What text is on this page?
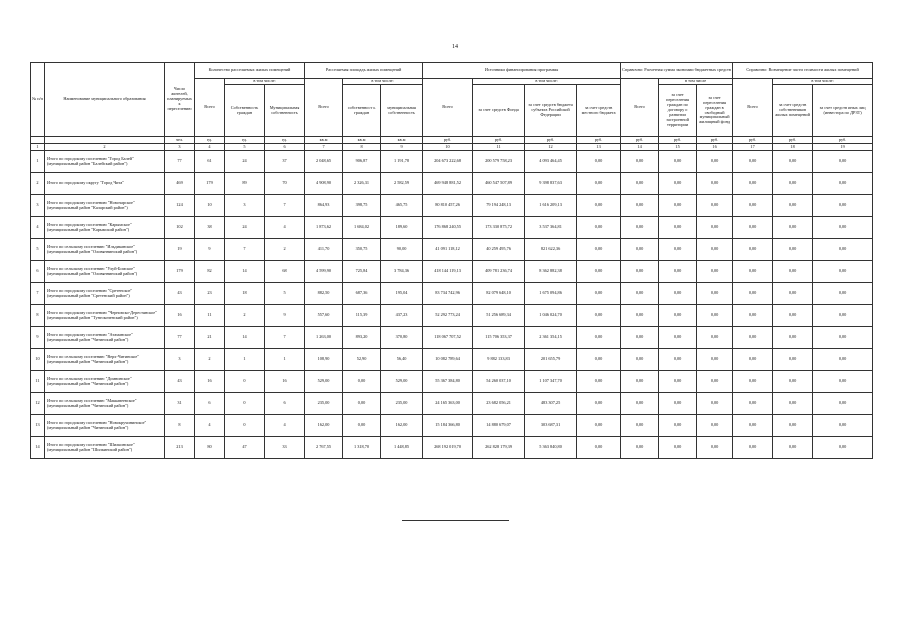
14
№ п/п	Наименование муниципального образования	Число жителей, планируемых к переселению	Количество расселяемых жилых помещений			Расселяемая площадь жилых помещений			Источники финансирования программы				Справочно: Расчетная сумма экономии бюджетных средств			Справочно: Возмещение части стоимости жилых помещений		
			Всего	в том числе:		Всего	в том числе:		Всего	в том числе:			Всего	в том числе		Всего	в том числе:	
				Собственность граждан	Муниципальная собственность		собственност ь граждан	муниципальная собственность		за счет средств Фонда	за счет средств бюджета субъекта Российской Федерации	за счет средств местного бюджета		за счет переселения граждан по договору о развитии застроенной территории	за счет переселения граждан в свободный муниципальный жилищный фонд		за счет средств собственников жилых помещений	за счет средств иных лиц (инвестора по ДРЗТ)
		чел.	ед.	ед.	ед.	кв.м	кв.м	кв.м	руб.	руб.	руб.	руб.	руб.	руб.	руб.	руб.	руб.	руб.
1	2	3	4	5	6	7	8	9	10	11	12	13	14	15	16	17	18	19
1	Итого по городскому поселению "Город Балей" (муниципальный район "Балейский район")	77	61	24	37	2 048,65	906,87	1 191,78	204 673 222,68	200 579 758,23	4 093 464,45	0,00	0,00	0,00	0,00	0,00	0,00	0,00
2	Итого по городскому округу "Город Чита"	469	179	89	70	4 908,90	2 326,31	2 582,59	469 948 881,52	460 547 507,89	9 398 837,63	0,00	0,00	0,00	0,00	0,00	0,00	0,00
3	Итого по городскому поселению "Новочарское" (муниципальный район "Каларский район")	124	10	3	7	864,93	398,75	465,75	80 810 457,26	79 194 248,13	1 616 209,13	0,00	0,00	0,00	0,00	0,00	0,00	0,00
4	Итого по городскому поселению "Карымское" (муниципальный район "Карымский район")	102	38	24	4	1 873,62	1 684,02	189,60	176 868 240,55	173 330 875,72	3 537 364,81	0,00	0,00	0,00	0,00	0,00	0,00	0,00
5	Итого по сельскому поселению "Ильдиканское" (муниципальный район "Оловяннинский район")	19	9	7	2	411,70	350,75	90,00	41 091 118,12	40 259 495,76	821 622,36	0,00	0,00	0,00	0,00	0,00	0,00	0,00
6	Итого по сельскому поселению "Улуй-Бомское" (муниципальный район "Оловяннинский район")	179	82	14	68	4 599,90	725,84	3 784,36	418 144 119,13	409 781 236,74	8 362 882,38	0,00	0,00	0,00	0,00	0,00	0,00	0,00
7	Итого по городскому поселению "Сретенское" (муниципальный район "Сретенский район")	43	23	18	5	882,50	687,36	195,04	83 734 742,96	82 079 648,10	1 675 094,86	0,00	0,00	0,00	0,00	0,00	0,00	0,00
8	Итого по городскому поселению "Черновско-Дерестянское" (муниципальный район "Тунгокоченский район")	16	11	2	9	557,60	115,39	437,23	52 292 773,24	51 256 689,34	1 046 024,70	0,00	0,00	0,00	0,00	0,00	0,00	0,00
9	Итого по городскому поселению "Атаманское" (муниципальный район "Читинский район")	77	21	14	7	1 263,00	893,20	370,80	118 067 707,52	115 706 353,37	2 361 354,15	0,00	0,00	0,00	0,00	0,00	0,00	0,00
10	Итого по сельскому поселению "Верх-Читинское" (муниципальный район "Читинский район")	3	2	1	1	108,90	52,90	56,40	10 082 789,64	9 882 133,83	201 655,79	0,00	0,00	0,00	0,00	0,00	0,00	0,00
11	Итого по сельскому поселению "Домнинское" (муниципальный район "Читинский район")	43	16	0	16	529,00	0,00	529,00	55 367 384,80	54 260 037,10	1 107 347,70	0,00	0,00	0,00	0,00	0,00	0,00	0,00
12	Итого по сельскому поселению "Маккавеевское" (муниципальный район "Читинский район")	31	6	0	6	235,00	0,00	235,00	24 165 363,00	23 682 056,21	483 307,25	0,00	0,00	0,00	0,00	0,00	0,00	0,00
13	Итого по городскому поселению "Новокручининское" (муниципальный район "Читинский район")	8	4	0	4	162,00	0,00	162,00	15 184 366,80	14 880 679,07	303 687,31	0,00	0,00	0,00	0,00	0,00	0,00	0,00
14	Итого по городскому поселению "Шилкинское" (муниципальный район "Шилкинский район")	213	80	47	33	2 767,55	1 318,70	1 448,85	268 192 019,70	262 828 179,39	5 363 840,80	0,00	0,00	0,00	0,00	0,00	0,00	0,00
